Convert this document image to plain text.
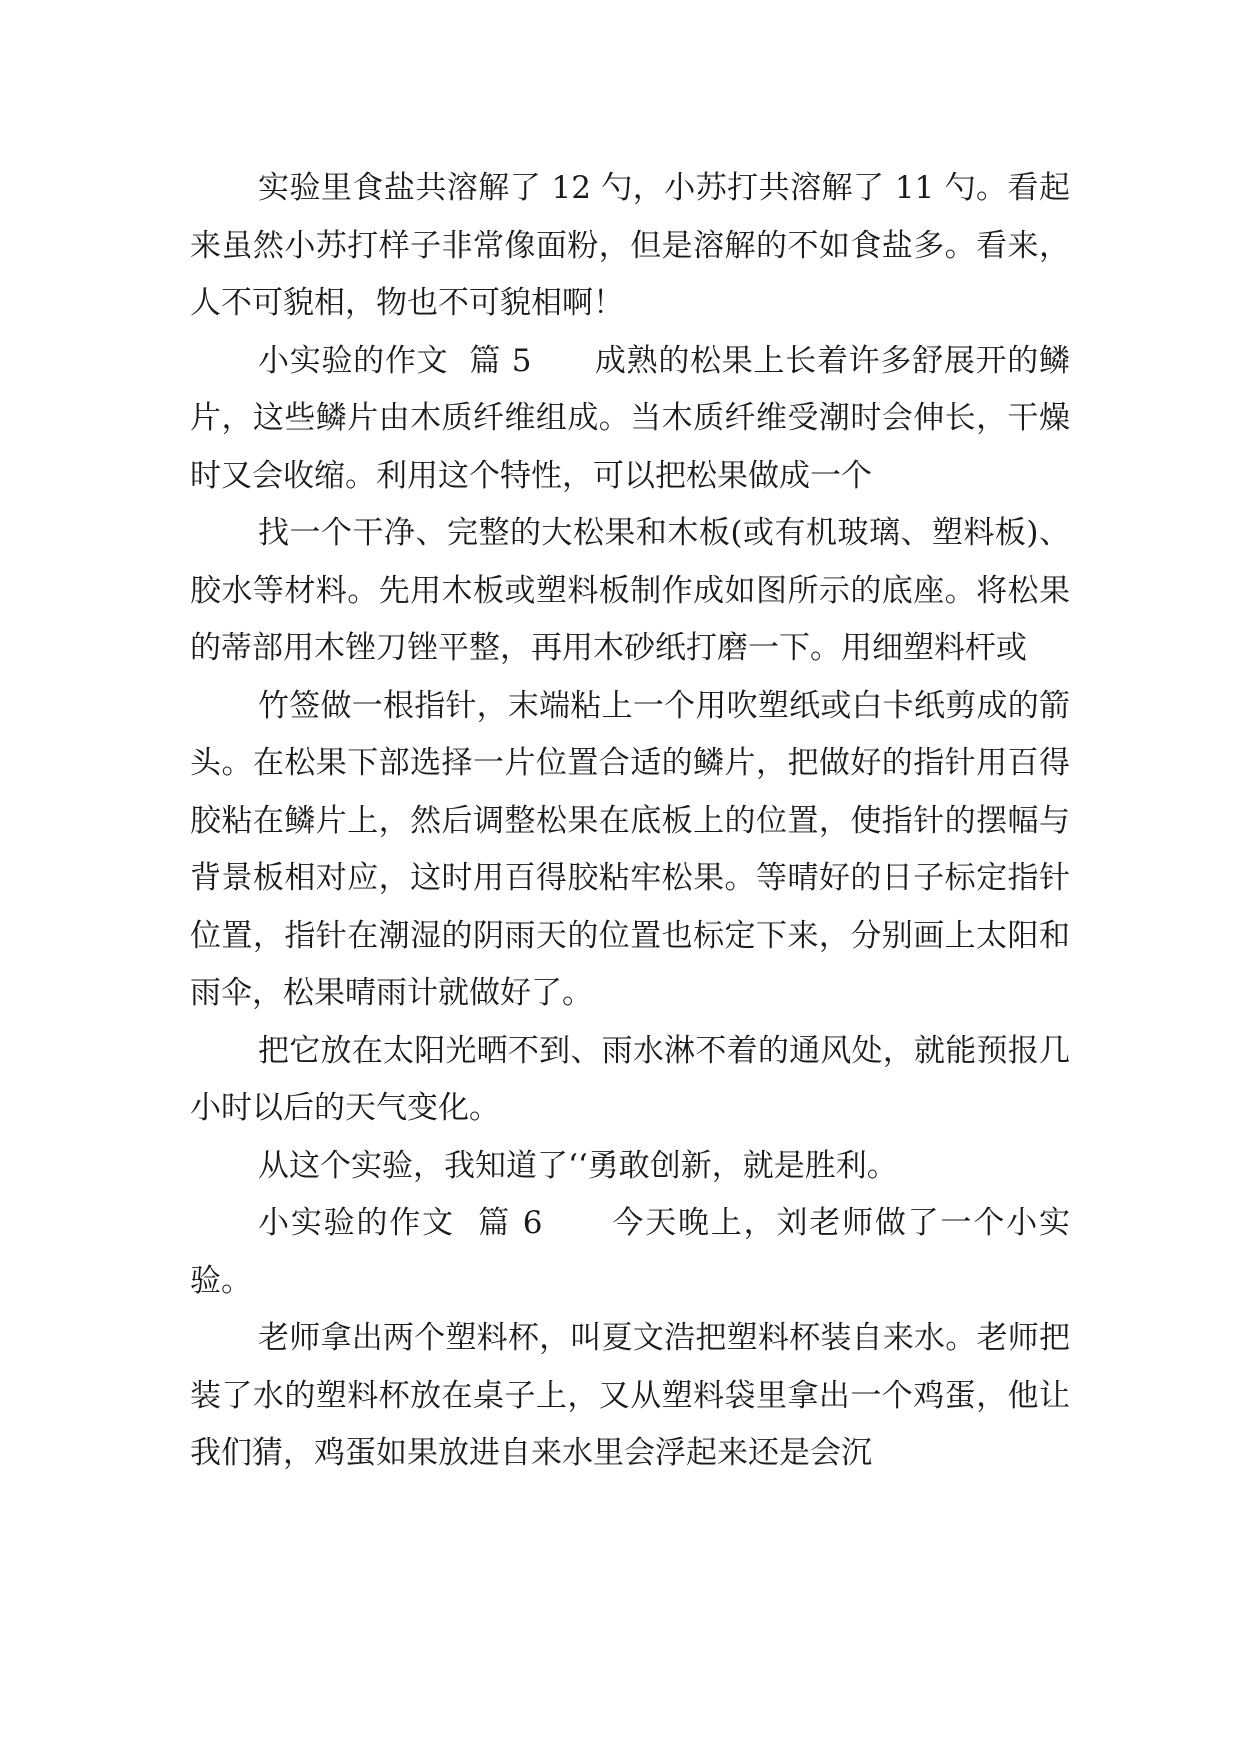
实验里食盐共溶解了 12 勺，小苏打共溶解了 11 勺。看起来虽然小苏打样子非常像面粉，但是溶解的不如食盐多。看来，人不可貌相，物也不可貌相啊！

小实验的作文  篇 5      成熟的松果上长着许多舒展开的鳞片，这些鳞片由木质纤维组成。当木质纤维受潮时会伸长，干燥时又会收缩。利用这个特性，可以把松果做成一个

找一个干净、完整的大松果和木板(或有机玻璃、塑料板)、胶水等材料。先用木板或塑料板制作成如图所示的底座。将松果的蒂部用木锉刀锉平整，再用木砂纸打磨一下。用细塑料杆或

竹签做一根指针，末端粘上一个用吹塑纸或白卡纸剪成的箭头。在松果下部选择一片位置合适的鳞片，把做好的指针用百得胶粘在鳞片上，然后调整松果在底板上的位置，使指针的摆幅与背景板相对应，这时用百得胶粘牢松果。等晴好的日子标定指针位置，指针在潮湿的阴雨天的位置也标定下来，分别画上太阳和雨伞，松果晴雨计就做好了。

把它放在太阳光晒不到、雨水淋不着的通风处，就能预报几小时以后的天气变化。

从这个实验，我知道了‘‘勇敢创新，就是胜利。

小实验的作文  篇 6      今天晚上，刘老师做了一个小实验。

老师拿出两个塑料杯，叫夏文浩把塑料杯装自来水。老师把装了水的塑料杯放在桌子上，又从塑料袋里拿出一个鸡蛋，他让我们猜，鸡蛋如果放进自来水里会浮起来还是会沉
